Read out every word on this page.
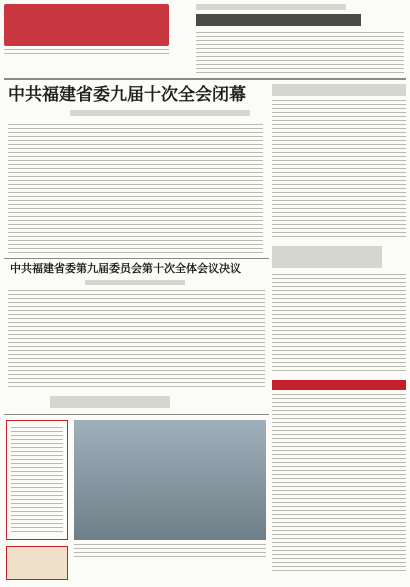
中共福建省委九届十次全会闭幕
中共福建省委第九届委员会第十次全体会议决议
